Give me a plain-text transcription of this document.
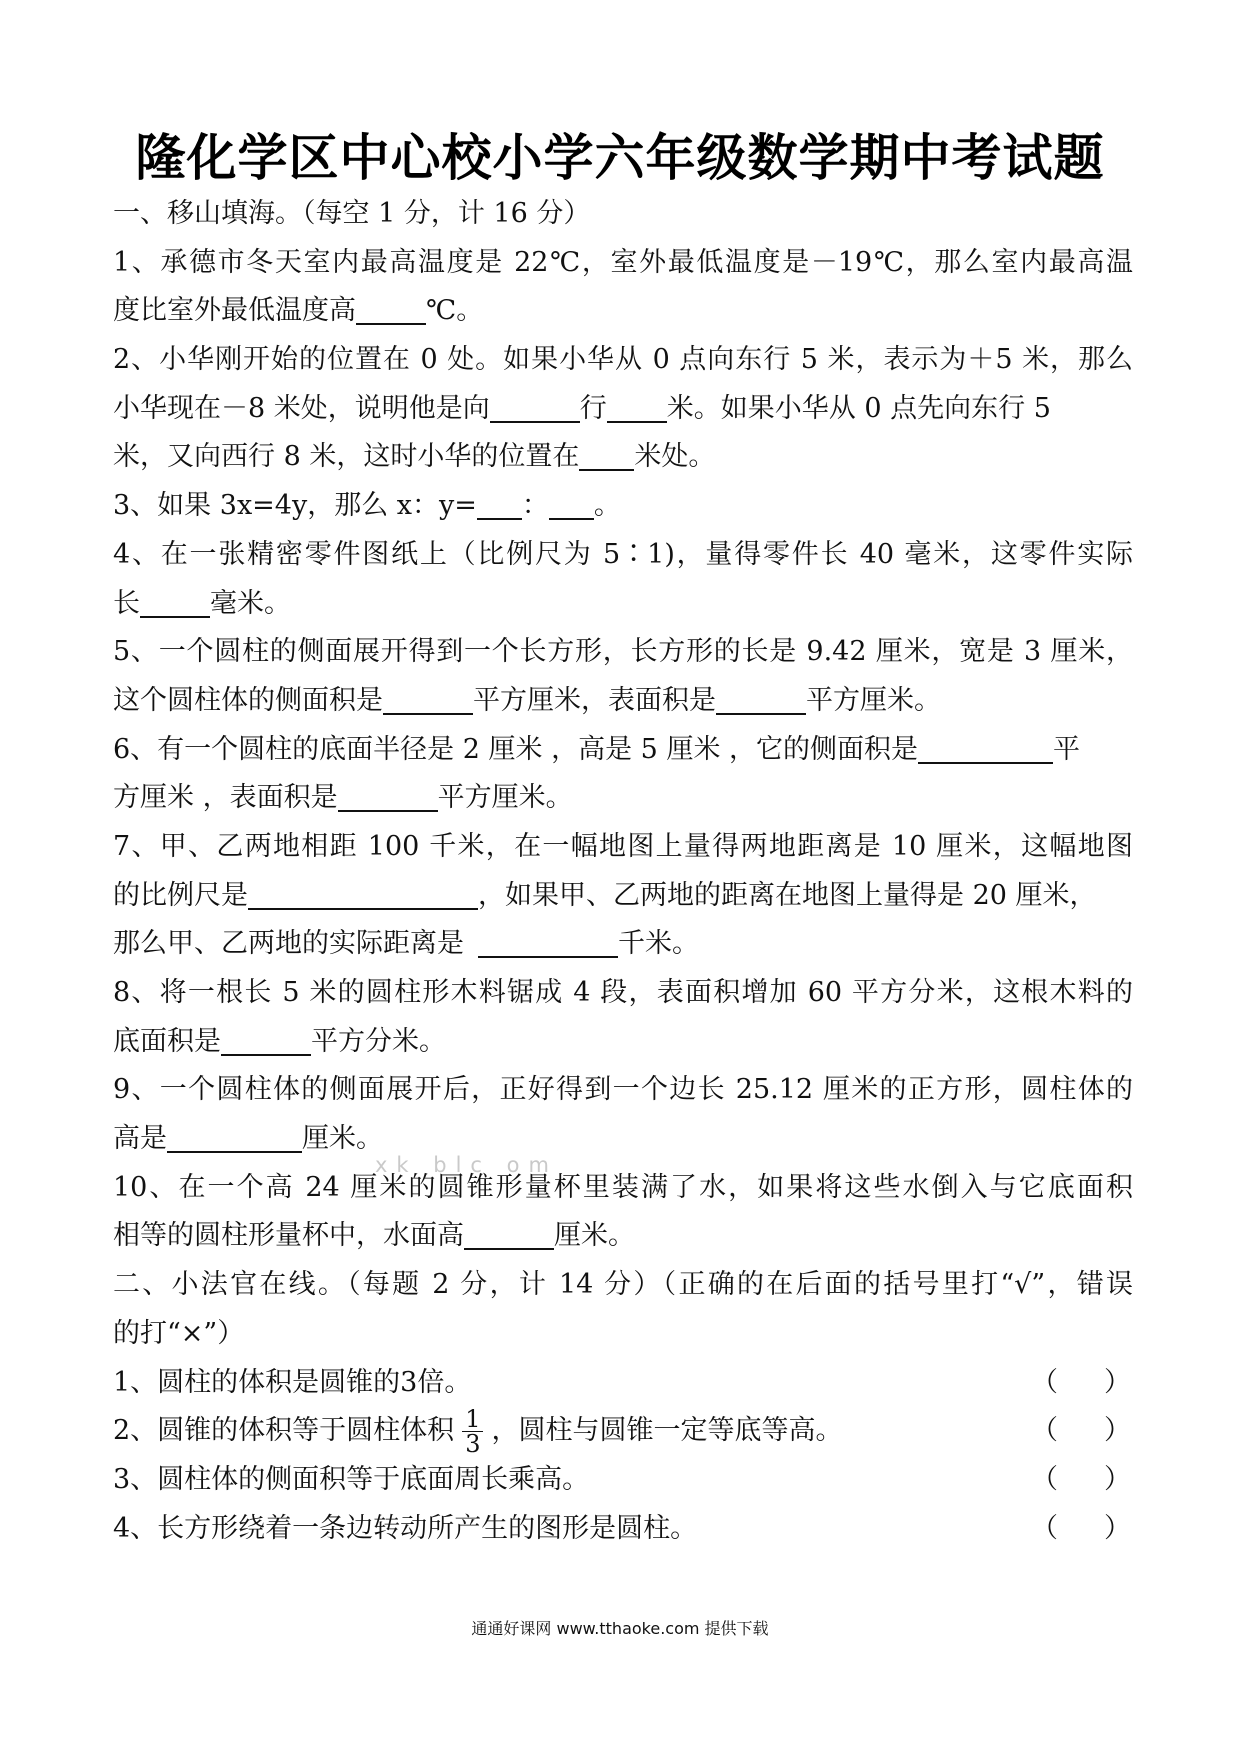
隆化学区中心校小学六年级数学期中考试题
一、移山填海。（每空 1 分，计 16 分）
1、承德市冬天室内最高温度是 22℃，室外最低温度是－19℃，那么室内最高温
度比室外最低温度高	℃。
2、小华刚开始的位置在 0 处。如果小华从 0 点向东行 5 米，表示为＋5 米，那么
小华现在－8 米处，说明他是向	行 米。如果小华从 0 点先向东行 5
米，又向西行 8 米，这时小华的位置在 米处。
3、如果 3x=4y，那么 x：y= ： 。
4、在一张精密零件图纸上（比例尺为 5∶1)，量得零件长 40 毫米，这零件实际
长	毫米。
5、一个圆柱的侧面展开得到一个长方形，长方形的长是 9.42 厘米，宽是 3 厘米，
这个圆柱体的侧面积是	平方厘米，表面积是	平方厘米。
6、有一个圆柱的底面半径是 2 厘米 ，高是 5 厘米 ，它的侧面积是	平
方厘米 ，表面积是	平方厘米。
7、甲、乙两地相距 100 千米，在一幅地图上量得两地距离是 10 厘米，这幅地图
的比例尺是	，如果甲、乙两地的距离在地图上量得是 20 厘米，
那么甲、乙两地的实际距离是	千米。
8、将一根长 5 米的圆柱形木料锯成 4 段，表面积增加 60 平方分米，这根木料的
底面积是	平方分米。
9、一个圆柱体的侧面展开后，正好得到一个边长 25.12 厘米的正方形，圆柱体的
高是	厘米。
10、在一个高 24 厘米的圆锥形量杯里装满了水，如果将这些水倒入与它底面积
相等的圆柱形量杯中，水面高	厘米。
二、小法官在线。（每题 2 分，计 14 分）（正确的在后面的括号里打“√”，错误
的打“×”）
1、圆柱的体积是圆锥的3倍。	（ ）
2、圆锥的体积等于圆柱体积 $\frac{1}{3}$ ，圆柱与圆锥一定等底等高。	（ ）
3、圆柱体的侧面积等于底面周长乘高。	（ ）
4、长方形绕着一条边转动所产生的图形是圆柱。	（ ）
xk blc om
通通好课网 www.tthaoke.com 提供下载
